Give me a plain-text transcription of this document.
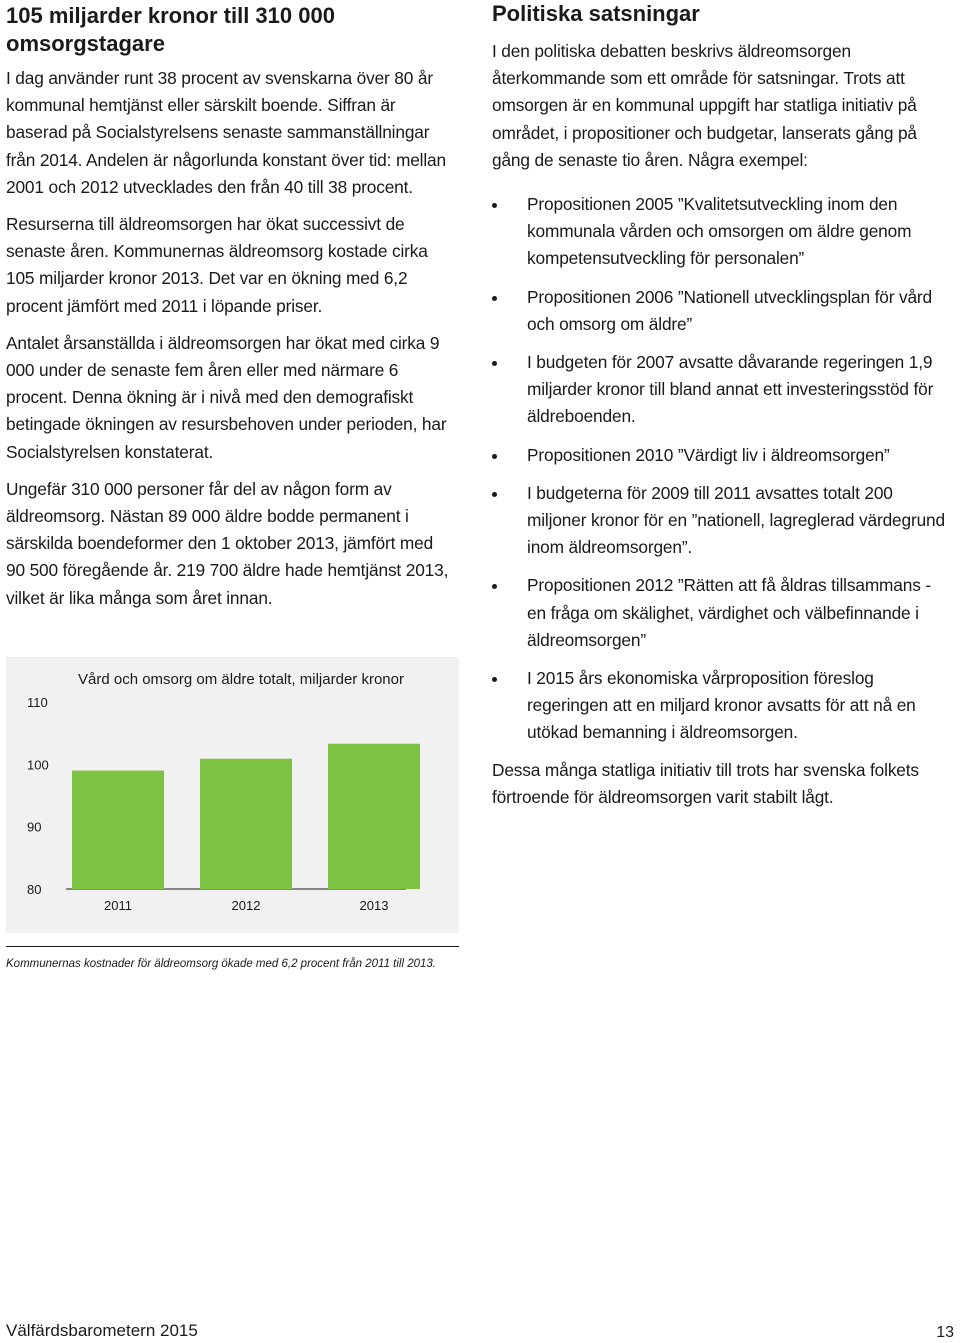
105 miljarder kronor till 310 000 omsorgstagare

I dag använder runt 38 procent av svenskarna över 80 år kommunal hemtjänst eller särskilt boende. Siffran är baserad på Socialstyrelsens senaste sammanställningar från 2014. Andelen är någorlunda konstant över tid: mellan 2001 och 2012 utvecklades den från 40 till 38 procent.

Resurserna till äldreomsorgen har ökat successivt de senaste åren. Kommunernas äldreomsorg kostade cirka 105 miljarder kronor 2013. Det var en ökning med 6,2 procent jämfört med 2011 i löpande priser.

Antalet årsanställda i äldreomsorgen har ökat med cirka 9 000 under de senaste fem åren eller med närmare 6 procent. Denna ökning är i nivå med den demografiskt betingade ökningen av resursbehoven under perioden, har Socialstyrelsen konstaterat.

Ungefär 310 000 personer får del av någon form av äldreomsorg. Nästan 89 000 äldre bodde permanent i särskilda boendeformer den 1 oktober 2013, jämfört med 90 500 föregående år. 219 700 äldre hade hemtjänst 2013, vilket är lika många som året innan.

Vård och omsorg om äldre totalt, miljarder kronor
110
100
90
80
2011	2012	2013
Kommunernas kostnader för äldreomsorg ökade med 6,2 procent från 2011 till 2013.
Politiska satsningar

I den politiska debatten beskrivs äldreomsorgen återkommande som ett område för satsningar. Trots att omsorgen är en kommunal uppgift har statliga initiativ på området, i propositioner och budgetar, lanserats gång på gång de senaste tio åren. Några exempel:

Propositionen 2005 ”Kvalitetsutveckling inom den kommunala vården och omsorgen om äldre genom kompetensutveckling för personalen”
Propositionen 2006 ”Nationell utvecklingsplan för vård och omsorg om äldre”
I budgeten för 2007 avsatte dåvarande regeringen 1,9 miljarder kronor till bland annat ett investeringsstöd för äldreboenden.
Propositionen 2010 ”Värdigt liv i äldreomsorgen”
I budgeterna för 2009 till 2011 avsattes totalt 200 miljoner kronor för en ”nationell, lagreglerad värdegrund inom äldreomsorgen”.
Propositionen 2012 ”Rätten att få åldras tillsammans - en fråga om skälighet, värdighet och välbefinnande i äldreomsorgen”
I 2015 års ekonomiska vårproposition föreslog regeringen att en miljard kronor avsatts för att nå en utökad bemanning i äldreomsorgen.

Dessa många statliga initiativ till trots har svenska folkets förtroende för äldreomsorgen varit stabilt lågt.

Välfärdsbarometern 2015	13
